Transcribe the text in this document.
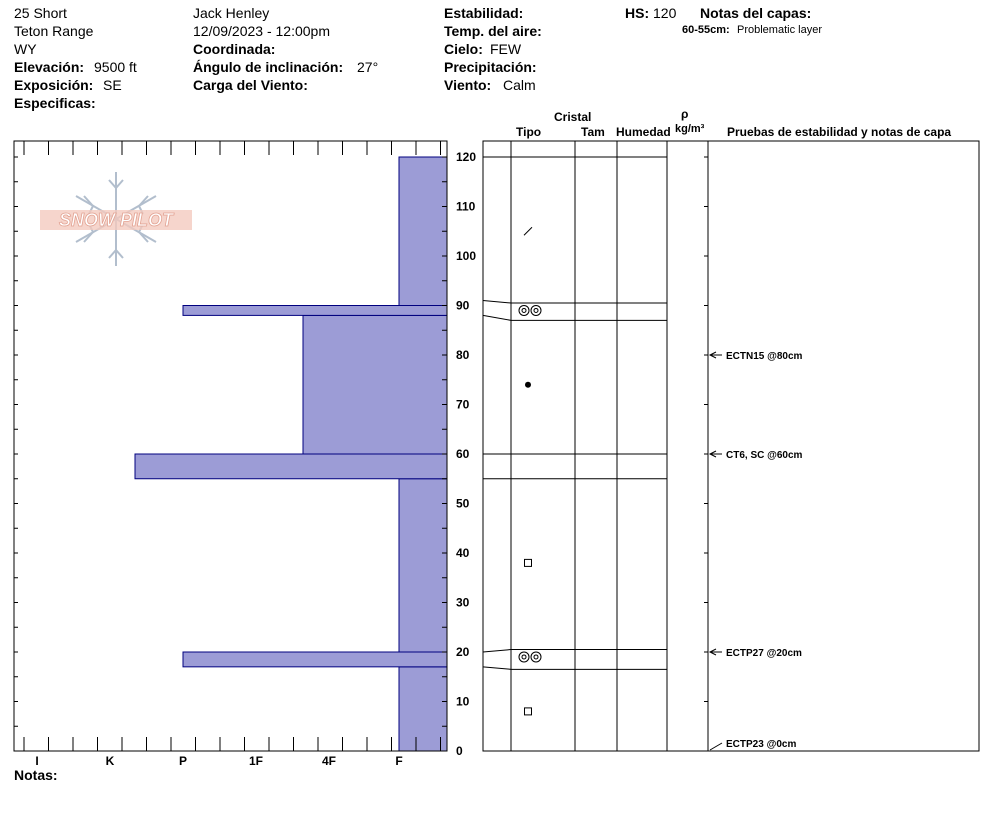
25 Short
Teton Range
WY
Elevación: 9500 ft
Exposición: SE
Especificas:
Jack Henley
12/09/2023 - 12:00pm
Coordinada:
Ángulo de inclinación: 27°
Carga del Viento:
Estabilidad:
Temp. del aire:
Cielo: FEW
Precipitación:
Viento: Calm
HS: 120 Notas del capas:
60-55cm: Problematic layer
Cristal
Tipo	Tam Humedad
ρ
kg/m³ Pruebas de estabilidad y notas de capa
Notas:
SNOW PILOT
I	K	P	1F	4F	F
0
10
20
30
40
50
60
70
80
90
100
110
120
ECTN15 @80cm
CT6, SC @60cm
ECTP27 @20cm
ECTP23 @0cm
